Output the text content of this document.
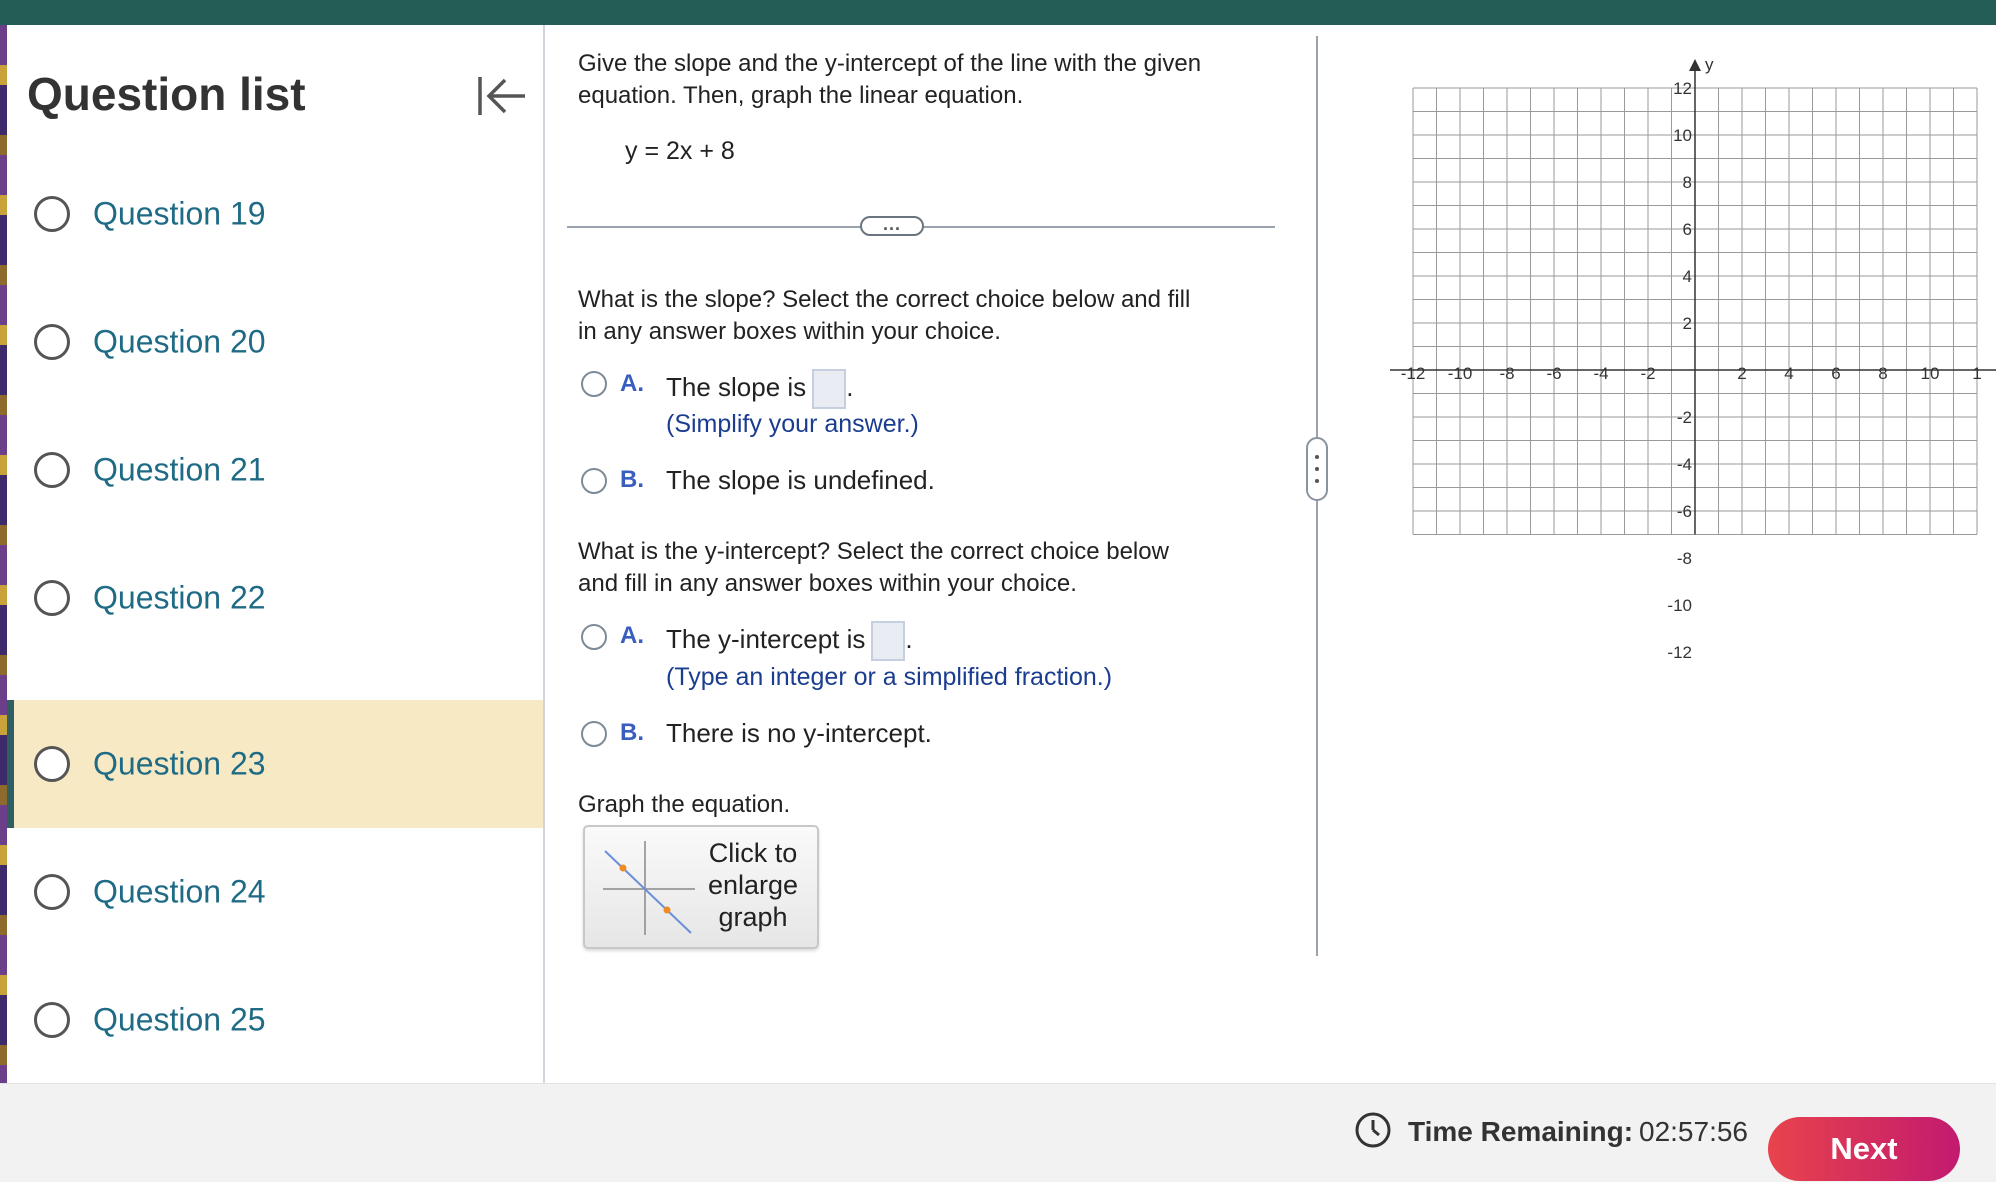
Question list
Question 19
Question 20
Question 21
Question 22
Question 23
Question 24
Question 25
Give the slope and the y-intercept of the line with the given
equation. Then, graph the linear equation.
y = 2x + 8
...
What is the slope? Select the correct choice below and fill
in any answer boxes within your choice.
A. The slope is .
(Simplify your answer.)
B. The slope is undefined.
What is the y-intercept? Select the correct choice below
and fill in any answer boxes within your choice.
A. The y-intercept is .
(Type an integer or a simplified fraction.)
B. There is no y-intercept.
Graph the equation.
Click to
enlarge
graph
y
-12 -10 -8 -6 -4 -2	2 4 6 8 10 1
12
10
8
6
4
2
-2
-4
-6
-8
-10
-12
Time Remaining: 02:57:56	Next
